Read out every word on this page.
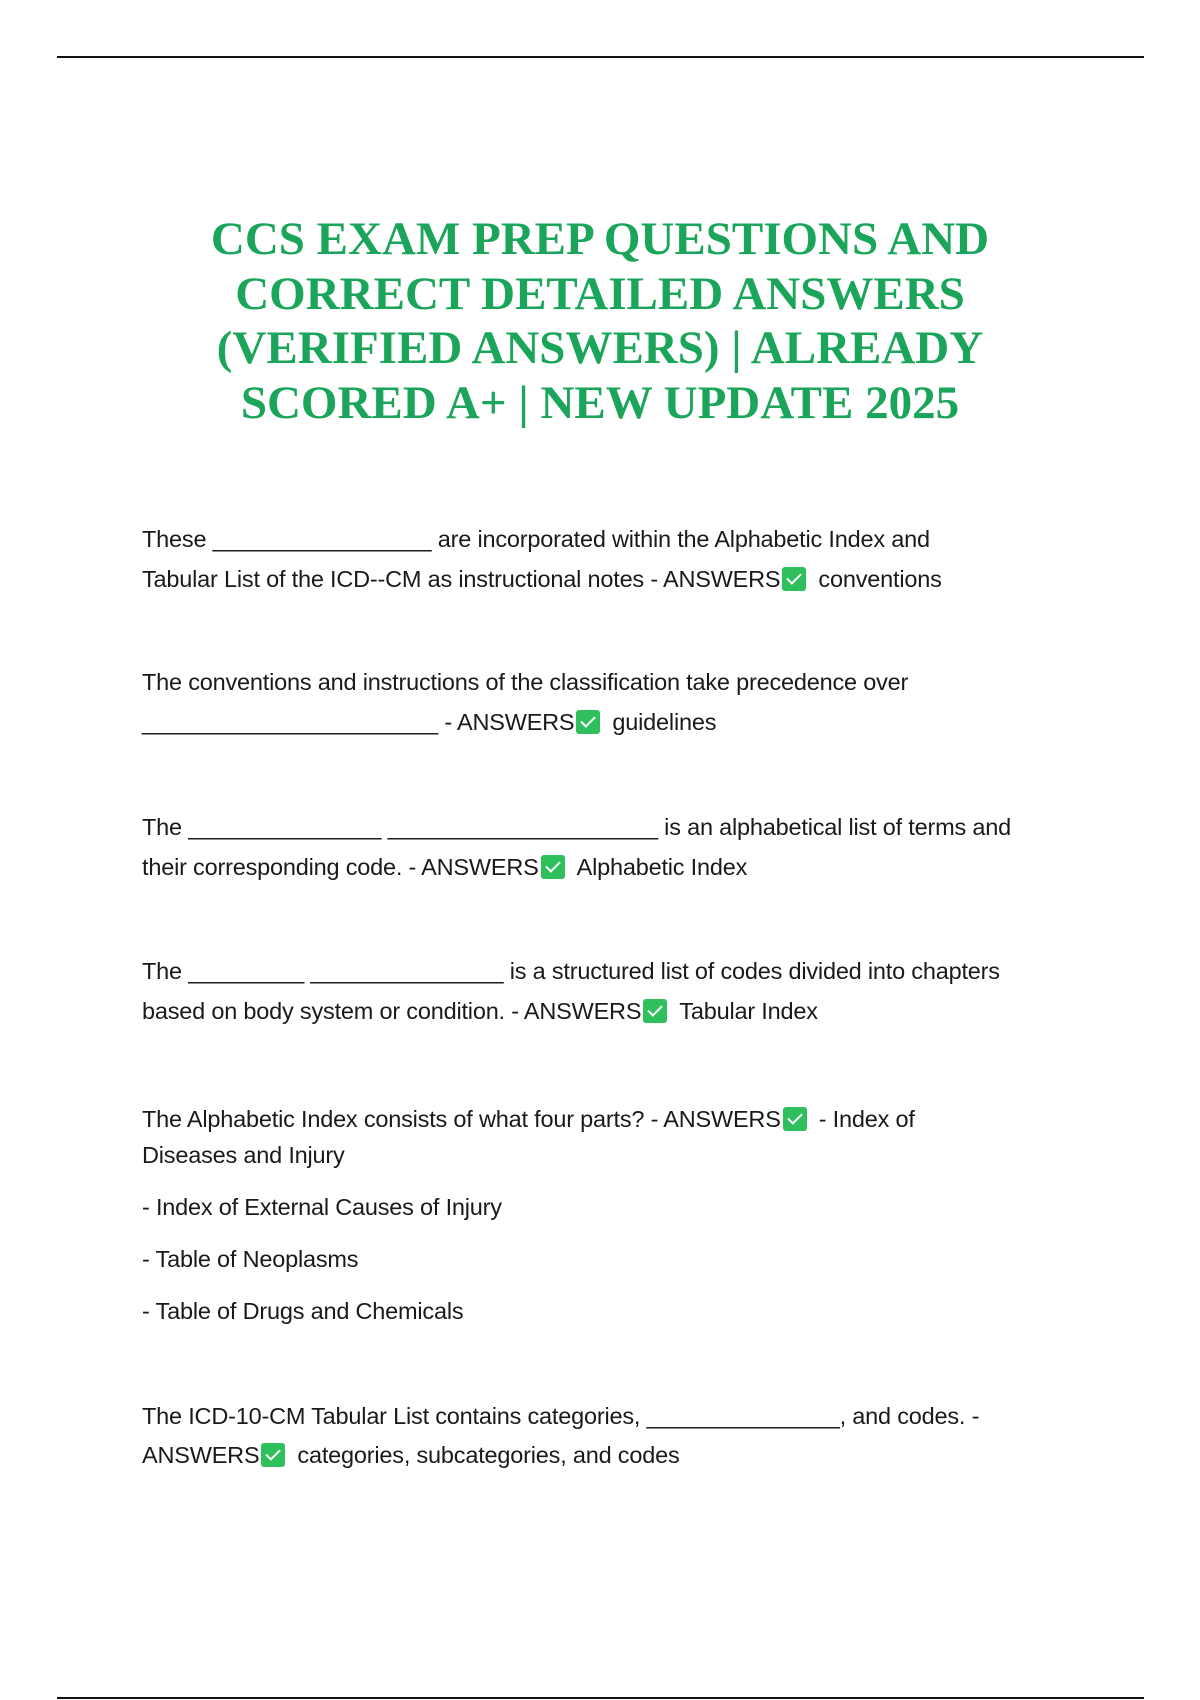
CCS EXAM PREP QUESTIONS AND
CORRECT DETAILED ANSWERS
(VERIFIED ANSWERS) | ALREADY
SCORED A+ | NEW UPDATE 2025
These _________________ are incorporated within the Alphabetic Index and
Tabular List of the ICD--CM as instructional notes - ANSWERS conventions
The conventions and instructions of the classification take precedence over
_______________________ - ANSWERS guidelines
The _______________ _____________________ is an alphabetical list of terms and
their corresponding code. - ANSWERS Alphabetic Index
The _________ _______________ is a structured list of codes divided into chapters
based on body system or condition. - ANSWERS Tabular Index
The Alphabetic Index consists of what four parts? - ANSWERS - Index of
Diseases and Injury
- Index of External Causes of Injury
- Table of Neoplasms
- Table of Drugs and Chemicals
The ICD-10-CM Tabular List contains categories, _______________, and codes. -
ANSWERS categories, subcategories, and codes
